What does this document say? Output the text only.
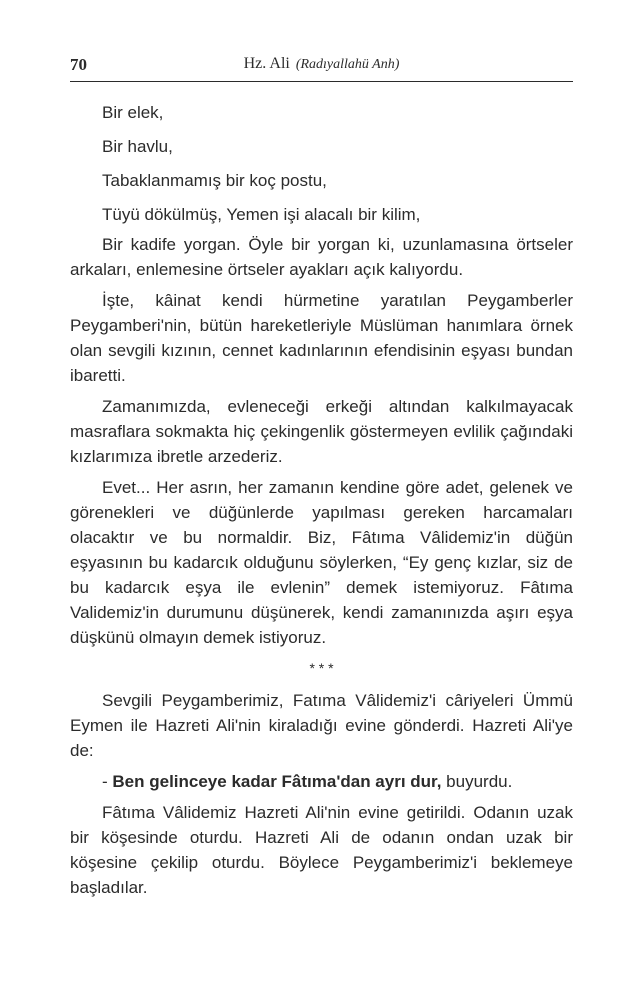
70	Hz. Ali (Radıyallahü Anh)

Bir elek,

Bir havlu,

Tabaklanmamış bir koç postu,

Tüyü dökülmüş, Yemen işi alacalı bir kilim,

Bir kadife yorgan. Öyle bir yorgan ki, uzunlamasına örtseler arkaları, enlemesine örtseler ayakları açık kalıyordu.

İşte, kâinat kendi hürmetine yaratılan Peygamberler Peygamberi'nin, bütün hareketleriyle Müslüman hanımlara örnek olan sevgili kızının, cennet kadınlarının efendisinin eşyası bundan ibaretti.

Zamanımızda, evleneceği erkeği altından kalkılmayacak masraflara sokmakta hiç çekingenlik göstermeyen evlilik çağındaki kızlarımıza ibretle arzederiz.

Evet... Her asrın, her zamanın kendine göre adet, gelenek ve görenekleri ve düğünlerde yapılması gereken harcamaları olacaktır ve bu normaldir. Biz, Fâtıma Vâlidemiz'in düğün eşyasının bu kadarcık olduğunu söylerken, “Ey genç kızlar, siz de bu kadarcık eşya ile evlenin” demek istemiyoruz. Fâtıma Validemiz'in durumunu düşünerek, kendi zamanınızda aşırı eşya düşkünü olmayın demek istiyoruz.

* * *

Sevgili Peygamberimiz, Fatıma Vâlidemiz'i câriyeleri Ümmü Eymen ile Hazreti Ali'nin kiraladığı evine gönderdi. Hazreti Ali'ye de:

- Ben gelinceye kadar Fâtıma'dan ayrı dur, buyurdu.

Fâtıma Vâlidemiz Hazreti Ali'nin evine getirildi. Odanın uzak bir köşesinde oturdu. Hazreti Ali de odanın ondan uzak bir köşesine çekilip oturdu. Böylece Peygamberimiz'i beklemeye başladılar.
